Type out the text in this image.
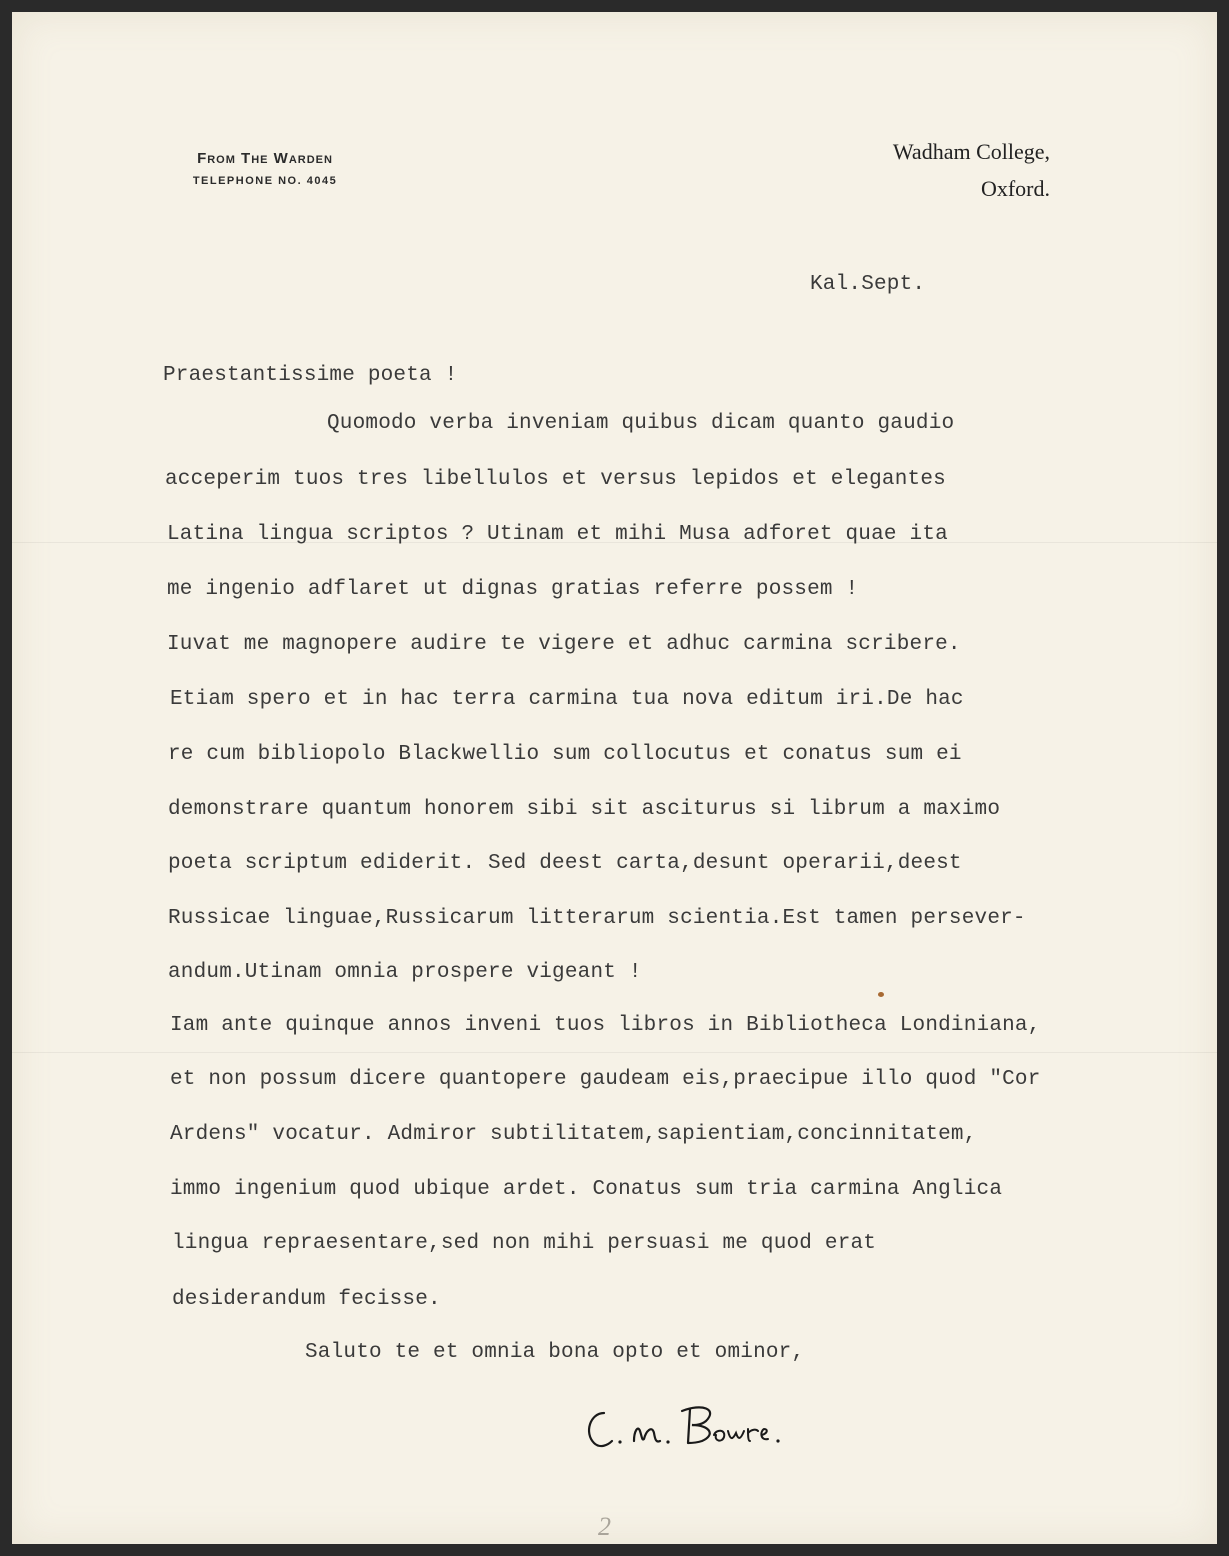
From The Warden
TELEPHONE NO. 4045
Wadham College,
Oxford.
Kal.Sept.
Praestantissime poeta !
Quomodo verba inveniam quibus dicam quanto gaudio
acceperim tuos tres libellulos et versus lepidos et elegantes
Latina lingua scriptos ? Utinam et mihi Musa adforet quae ita
me ingenio adflaret ut dignas gratias referre possem !
Iuvat me magnopere audire te vigere et adhuc carmina scribere.
Etiam spero et in hac terra carmina tua nova editum iri.De hac
re cum bibliopolo Blackwellio sum collocutus et conatus sum ei
demonstrare quantum honorem sibi sit asciturus si librum a maximo
poeta scriptum ediderit. Sed deest carta,desunt operarii,deest
Russicae linguae,Russicarum litterarum scientia.Est tamen persever-
andum.Utinam omnia prospere vigeant !
Iam ante quinque annos inveni tuos libros in Bibliotheca Londiniana,
et non possum dicere quantopere gaudeam eis,praecipue illo quod "Cor
Ardens" vocatur. Admiror subtilitatem,sapientiam,concinnitatem,
immo ingenium quod ubique ardet. Conatus sum tria carmina Anglica
lingua repraesentare,sed non mihi persuasi me quod erat
desiderandum fecisse.
Saluto te et omnia bona opto et ominor,
2
